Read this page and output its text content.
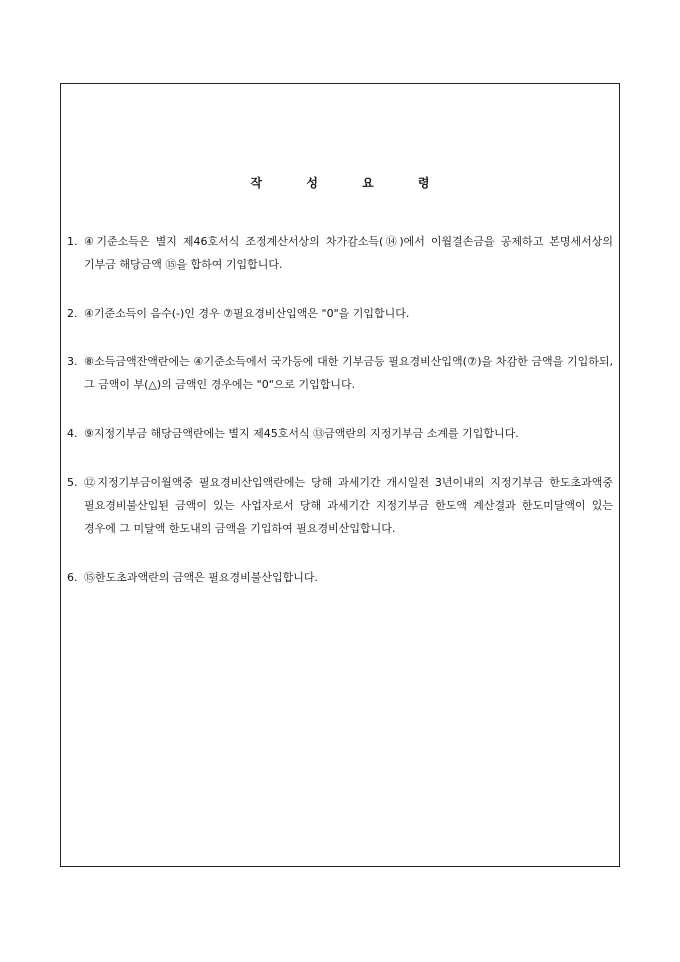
작 성 요 령
1. ④기준소득은 별지 제46호서식 조정계산서상의 차가감소득(⑭)에서 이월결손금을 공제하고 본명세서상의 기부금 해당금액 ⑮을 합하여 기입합니다.
2. ④기준소득이 음수(-)인 경우 ⑦필요경비산입액은 "0"을 기입합니다.
3. ⑧소득금액잔액란에는 ④기준소득에서 국가등에 대한 기부금등 필요경비산입액(⑦)을 차감한 금액을 기입하되, 그 금액이 부(△)의 금액인 경우에는 "0"으로 기입합니다.
4. ⑨지정기부금 해당금액란에는 별지 제45호서식 ⑬금액란의 지정기부금 소계를 기입합니다.
5. ⑫지정기부금이월액중 필요경비산입액란에는 당해 과세기간 개시일전 3년이내의 지정기부금 한도초과액중 필요경비불산입된 금액이 있는 사업자로서 당해 과세기간 지정기부금 한도액 계산결과 한도미달액이 있는 경우에 그 미달액 한도내의 금액을 기입하여 필요경비산입합니다.
6. ⑮한도초과액란의 금액은 필요경비불산입합니다.
